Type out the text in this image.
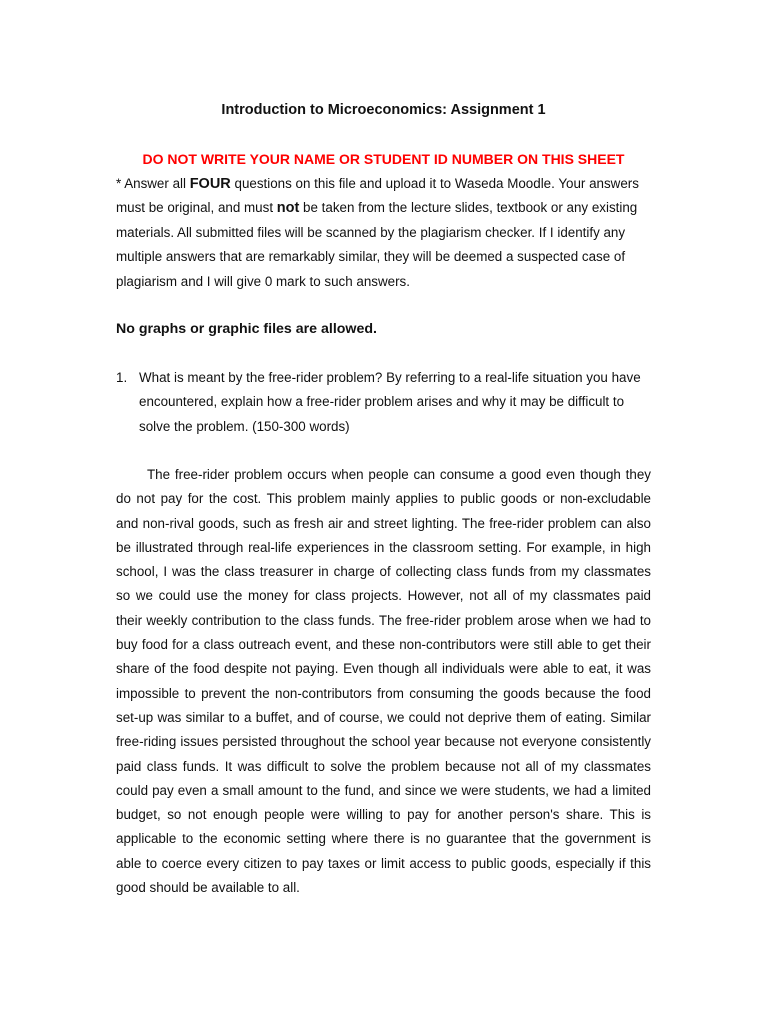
Introduction to Microeconomics: Assignment 1
DO NOT WRITE YOUR NAME OR STUDENT ID NUMBER ON THIS SHEET
* Answer all FOUR questions on this file and upload it to Waseda Moodle. Your answers must be original, and must not be taken from the lecture slides, textbook or any existing materials. All submitted files will be scanned by the plagiarism checker. If I identify any multiple answers that are remarkably similar, they will be deemed a suspected case of plagiarism and I will give 0 mark to such answers.
No graphs or graphic files are allowed.
1. What is meant by the free-rider problem? By referring to a real-life situation you have encountered, explain how a free-rider problem arises and why it may be difficult to solve the problem. (150-300 words)

The free-rider problem occurs when people can consume a good even though they do not pay for the cost. This problem mainly applies to public goods or non-excludable and non-rival goods, such as fresh air and street lighting. The free-rider problem can also be illustrated through real-life experiences in the classroom setting. For example, in high school, I was the class treasurer in charge of collecting class funds from my classmates so we could use the money for class projects. However, not all of my classmates paid their weekly contribution to the class funds. The free-rider problem arose when we had to buy food for a class outreach event, and these non-contributors were still able to get their share of the food despite not paying. Even though all individuals were able to eat, it was impossible to prevent the non-contributors from consuming the goods because the food set-up was similar to a buffet, and of course, we could not deprive them of eating. Similar free-riding issues persisted throughout the school year because not everyone consistently paid class funds. It was difficult to solve the problem because not all of my classmates could pay even a small amount to the fund, and since we were students, we had a limited budget, so not enough people were willing to pay for another person's share. This is applicable to the economic setting where there is no guarantee that the government is able to coerce every citizen to pay taxes or limit access to public goods, especially if this good should be available to all.
